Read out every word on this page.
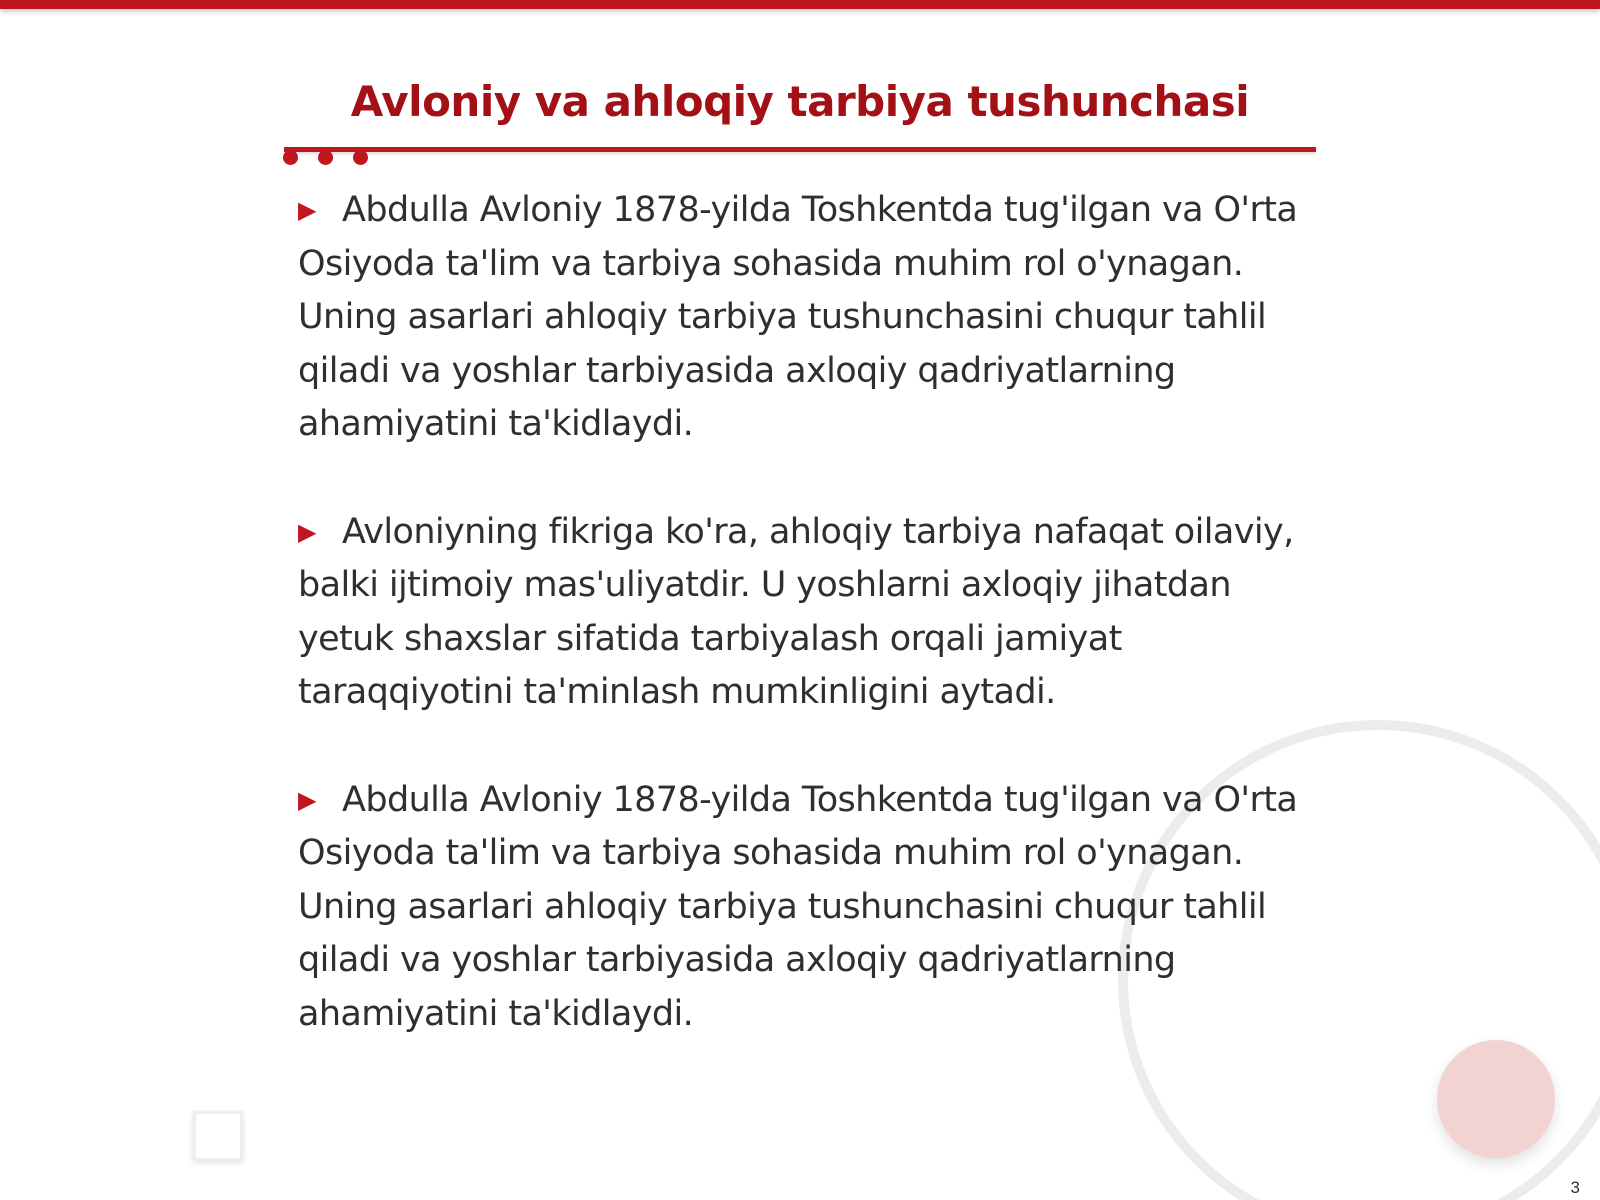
Avloniy va ahloqiy tarbiya tushunchasi

▶ Abdulla Avloniy 1878-yilda Toshkentda tug'ilgan va O'rta Osiyoda ta'lim va tarbiya sohasida muhim rol o'ynagan. Uning asarlari ahloqiy tarbiya tushunchasini chuqur tahlil qiladi va yoshlar tarbiyasida axloqiy qadriyatlarning ahamiyatini ta'kidlaydi.

▶ Avloniyning fikriga ko'ra, ahloqiy tarbiya nafaqat oilaviy, balki ijtimoiy mas'uliyatdir. U yoshlarni axloqiy jihatdan yetuk shaxslar sifatida tarbiyalash orqali jamiyat taraqqiyotini ta'minlash mumkinligini aytadi.

▶ Abdulla Avloniy 1878-yilda Toshkentda tug'ilgan va O'rta Osiyoda ta'lim va tarbiya sohasida muhim rol o'ynagan. Uning asarlari ahloqiy tarbiya tushunchasini chuqur tahlil qiladi va yoshlar tarbiyasida axloqiy qadriyatlarning ahamiyatini ta'kidlaydi.

3
